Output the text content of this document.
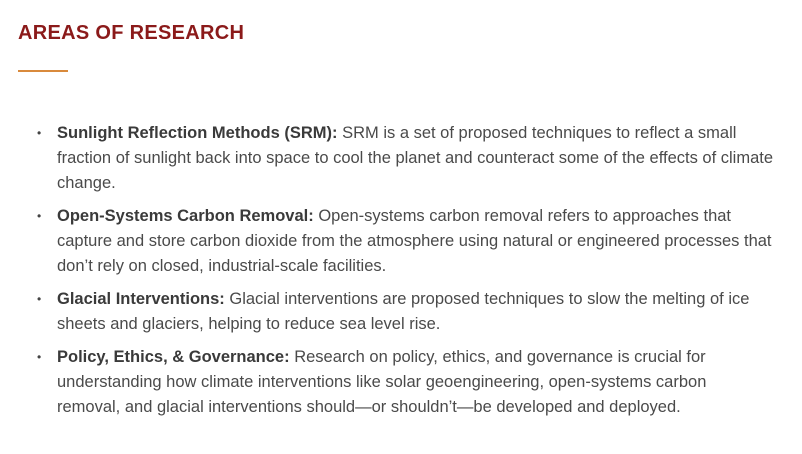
AREAS OF RESEARCH
• Sunlight Reflection Methods (SRM): SRM is a set of proposed techniques to reflect a small fraction of sunlight back into space to cool the planet and counteract some of the effects of climate change.
• Open-Systems Carbon Removal: Open-systems carbon removal refers to approaches that capture and store carbon dioxide from the atmosphere using natural or engineered processes that don’t rely on closed, industrial-scale facilities.
• Glacial Interventions: Glacial interventions are proposed techniques to slow the melting of ice sheets and glaciers, helping to reduce sea level rise.
• Policy, Ethics, & Governance: Research on policy, ethics, and governance is crucial for understanding how climate interventions like solar geoengineering, open-systems carbon removal, and glacial interventions should—or shouldn’t—be developed and deployed.
